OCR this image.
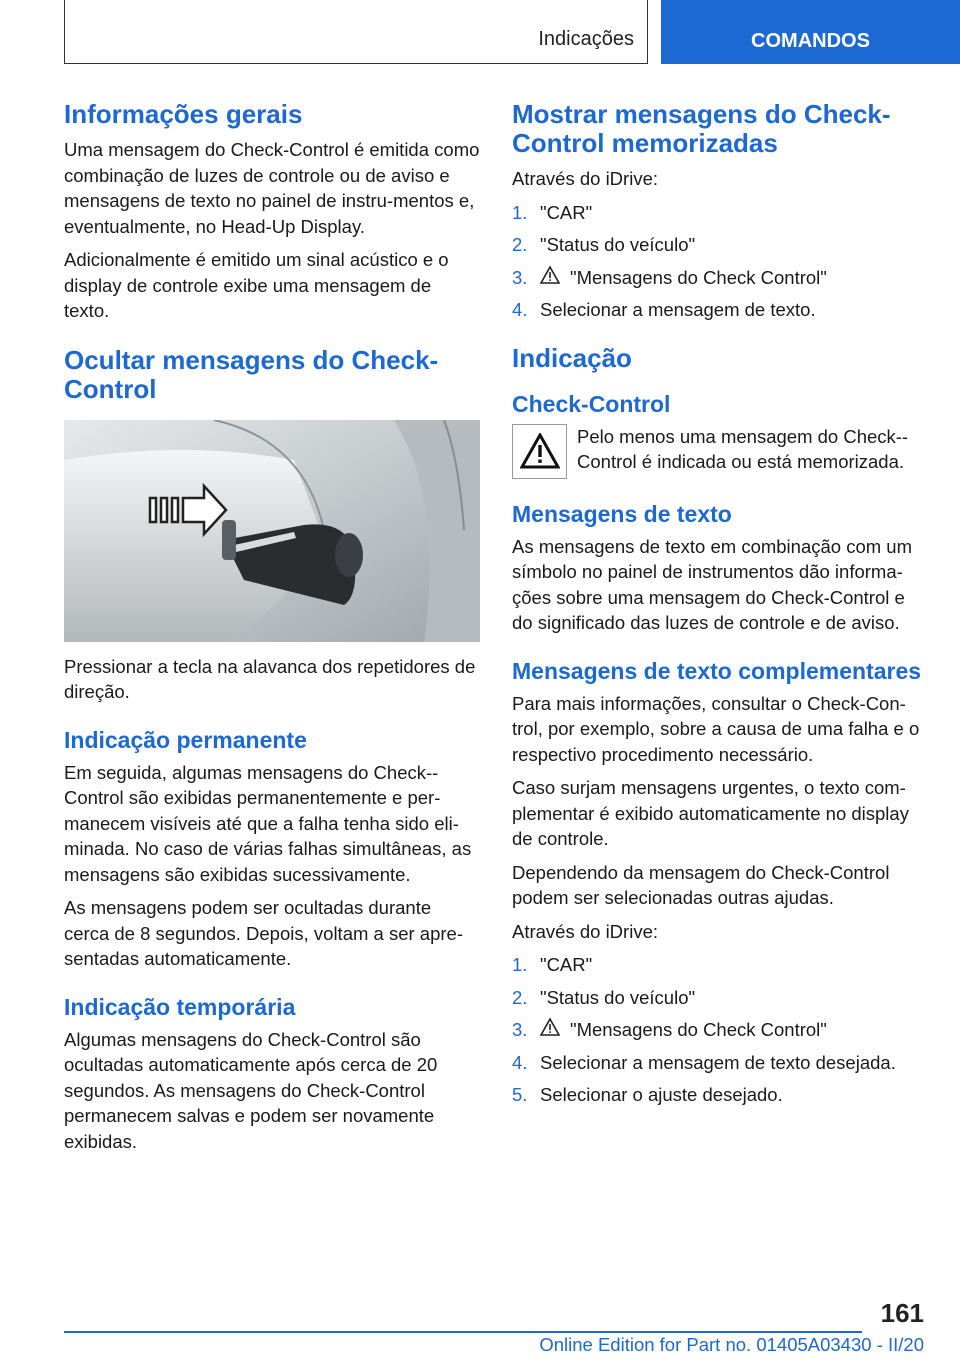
Indicações	COMANDOS
Informações gerais

Uma mensagem do Check-Control é emitida como combinação de luzes de controle ou de aviso e mensagens de texto no painel de instru-mentos e, eventualmente, no Head-Up Display.

Adicionalmente é emitido um sinal acústico e o display de controle exibe uma mensagem de texto.

Ocultar mensagens do Check-Control

Pressionar a tecla na alavanca dos repetidores de direção.

Indicação permanente

Em seguida, algumas mensagens do Check--Control são exibidas permanentemente e per-manecem visíveis até que a falha tenha sido eli-minada. No caso de várias falhas simultâneas, as mensagens são exibidas sucessivamente.

As mensagens podem ser ocultadas durante cerca de 8 segundos. Depois, voltam a ser apre-sentadas automaticamente.

Indicação temporária

Algumas mensagens do Check-Control são ocultadas automaticamente após cerca de 20 segundos. As mensagens do Check-Control permanecem salvas e podem ser novamente exibidas.

Mostrar mensagens do Check-Control memorizadas

Através do iDrive:

1. "CAR"
2. "Status do veículo"
3.	"Mensagens do Check Control"
4. Selecionar a mensagem de texto.
Indicação
Check-Control

Pelo menos uma mensagem do Check--Control é indicada ou está memorizada.

Mensagens de texto

As mensagens de texto em combinação com um símbolo no painel de instrumentos dão informa-ções sobre uma mensagem do Check-Control e do significado das luzes de controle e de aviso.

Mensagens de texto complementares

Para mais informações, consultar o Check-Con-trol, por exemplo, sobre a causa de uma falha e o respectivo procedimento necessário.

Caso surjam mensagens urgentes, o texto com-plementar é exibido automaticamente no display de controle.

Dependendo da mensagem do Check-Control podem ser selecionadas outras ajudas.

Através do iDrive:

1. "CAR"
2. "Status do veículo"
3.	"Mensagens do Check Control"
4. Selecionar a mensagem de texto desejada.
5. Selecionar o ajuste desejado.
161
Online Edition for Part no. 01405A03430 - II/20
